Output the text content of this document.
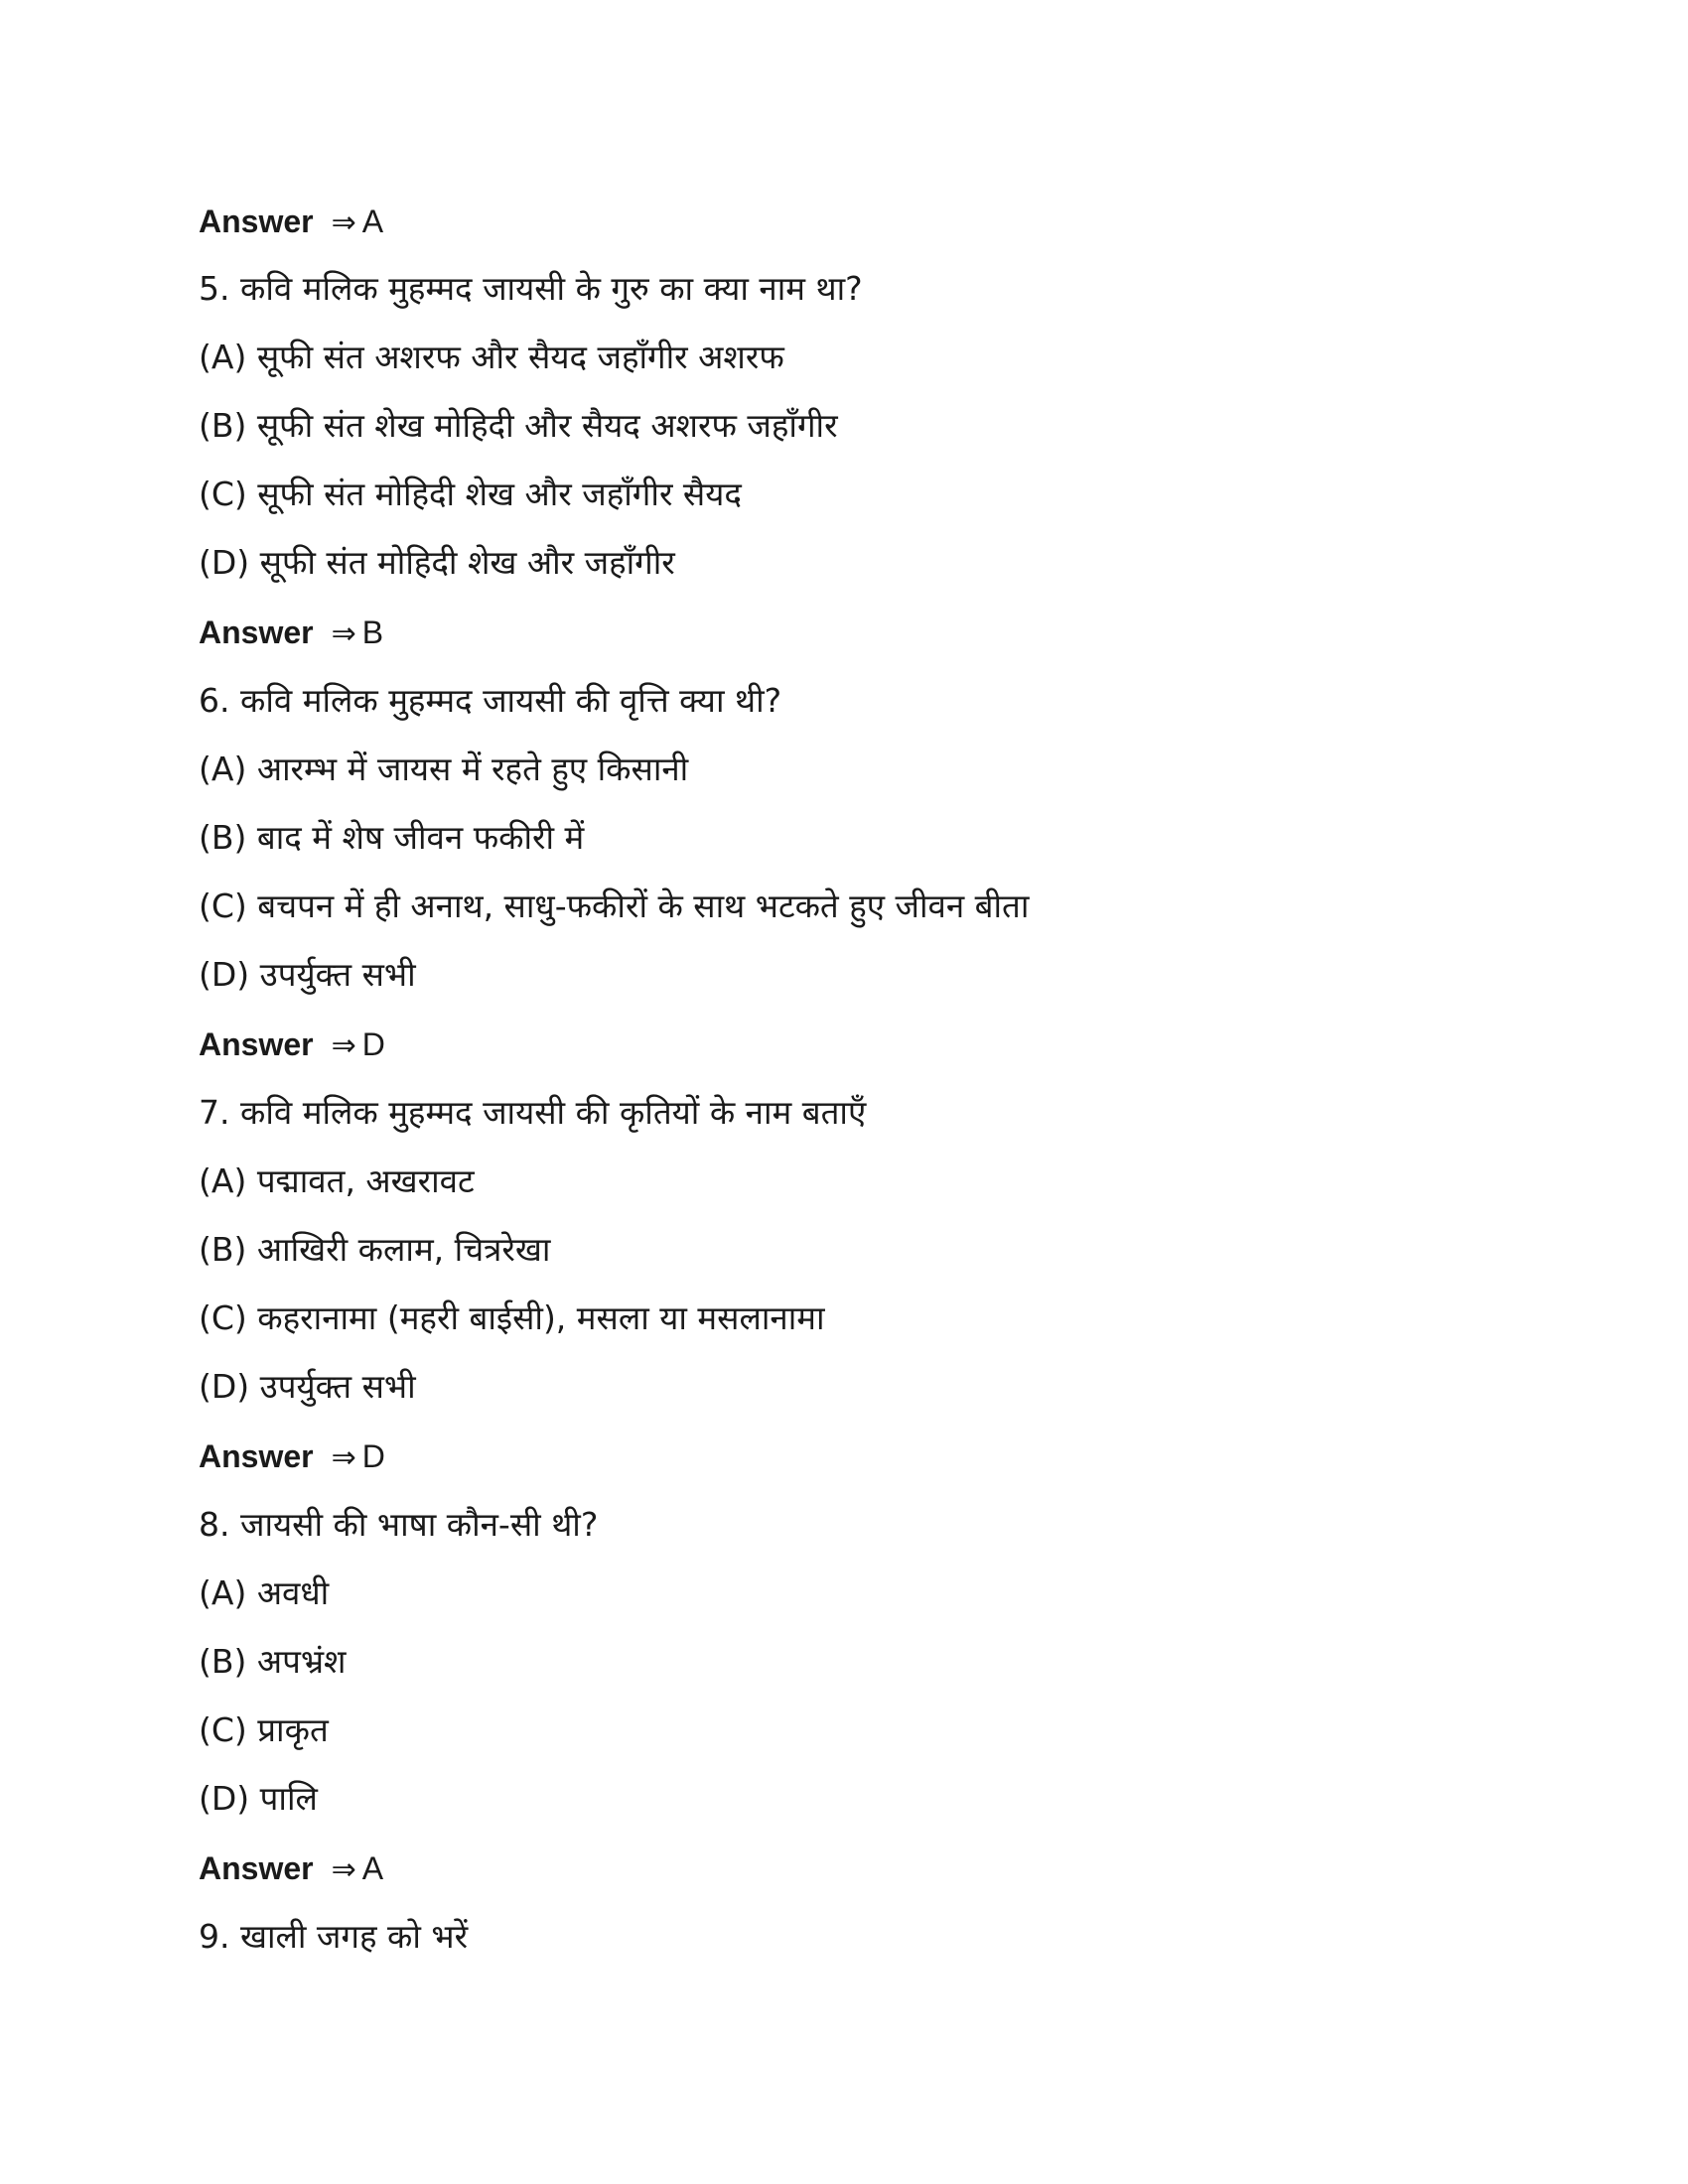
Answer ⇒ A
5. कवि मलिक मुहम्मद जायसी के गुरु का क्या नाम था?
(A) सूफी संत अशरफ और सैयद जहाँगीर अशरफ
(B) सूफी संत शेख मोहिदी और सैयद अशरफ जहाँगीर
(C) सूफी संत मोहिदी शेख और जहाँगीर सैयद
(D) सूफी संत मोहिदी शेख और जहाँगीर
Answer ⇒ B
6. कवि मलिक मुहम्मद जायसी की वृत्ति क्या थी?
(A) आरम्भ में जायस में रहते हुए किसानी
(B) बाद में शेष जीवन फकीरी में
(C) बचपन में ही अनाथ, साधु-फकीरों के साथ भटकते हुए जीवन बीता
(D) उपर्युक्त सभी
Answer ⇒ D
7. कवि मलिक मुहम्मद जायसी की कृतियों के नाम बताएँ
(A) पद्मावत, अखरावट
(B) आखिरी कलाम, चित्ररेखा
(C) कहरानामा (महरी बाईसी), मसला या मसलानामा
(D) उपर्युक्त सभी
Answer ⇒ D
8. जायसी की भाषा कौन-सी थी?
(A) अवधी
(B) अपभ्रंश
(C) प्राकृत
(D) पालि
Answer ⇒ A
9. खाली जगह को भरें
